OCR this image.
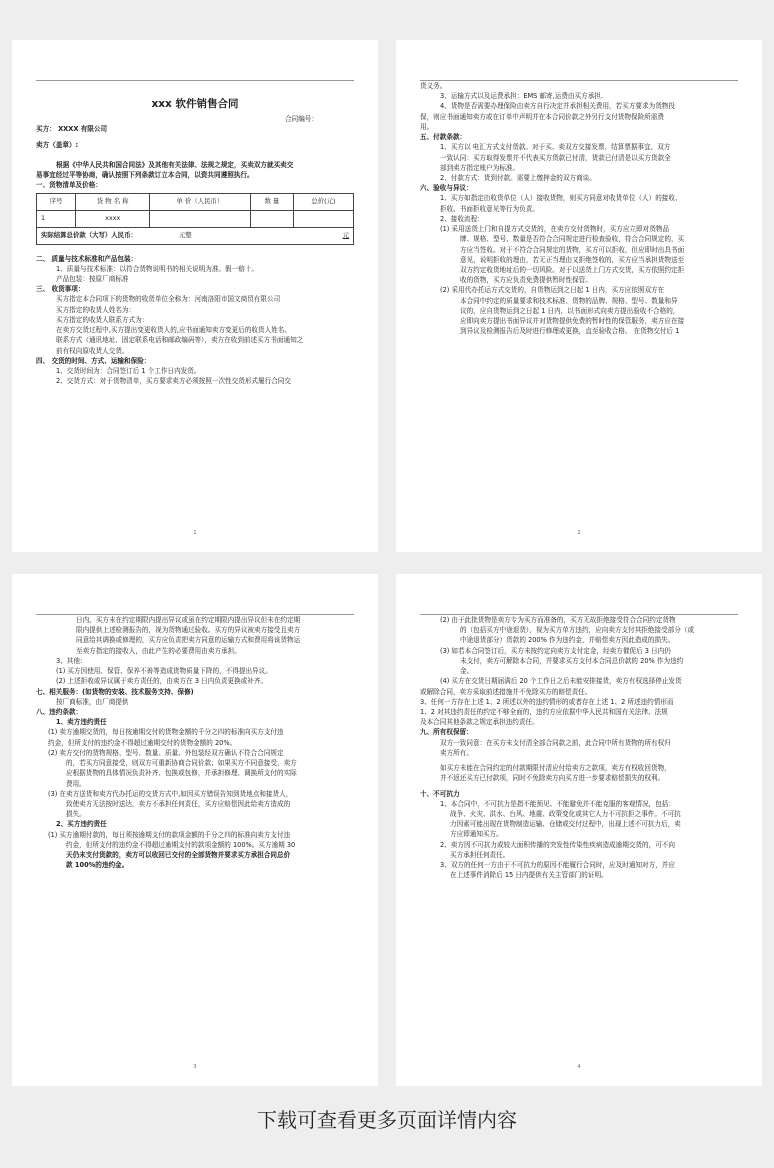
xxx 软件销售合同
合同编号：
买方： XXXX 有限公司
卖方（盖章）:
根据《中华人民共和国合同法》及其他有关法律、法规之规定，买卖双方就买卖交
易事宜经过平等协商，确认按照下列条款订立本合同，以资共同遵照执行。
一、货物清单及价格：
序号	货 物 名 称	单 价（人民币）	数 量	总价(元)
1	xxxx			
实际结算总价款（大写）人民币： 元整 元				
二、 质量与技术标准和产品包装：
1、质量与技术标准：以符合货物说明书的相关说明为准。假一赔十。
产品包装：按原厂商标准
三、 收货事项：
买方指定本合同项下的货物的收货单位全称为：河南洛阳市国文商贸有限公司
买方指定的收货人姓名为：
买方指定的收货人联系方式为：
在卖方交货过程中,买方提出变更收货人的,应书面通知卖方变更后的收货人姓名、
联系方式（通讯地址、固定联系电话和邮政编码等），卖方在收到前述买方书面通知之
前有权向原收货人交货。
四、 交货的时间、方式、运输和保险：
1、交货时间为：合同签订后 1 个工作日内发货。
2、交货方式：对于货物清单，买方要求卖方必须按照一次性交货形式履行合同交
1
货义务。
3、运输方式以及运费承担：EMS 邮寄,运费由买方承担.
4、货物是否需要办理保险由卖方自行决定并承担相关费用，若买方要求为货物投
保，则应书面通知卖方或在订单中声明并在本合同价款之外另行支付货物保险所需费
用。
五、付款条款：
1、买方以 电汇方式支付货款。对于买、卖双方交接发票、结算票据事宜，双方
一致认同：买方取得发票并不代表买方货款已付清，货款已付清是以买方货款全
部到卖方指定账户为标准。
2、付款方式：货到付款。需要上缴押金的双方商谈。
六、验收与异议：
1、买方如指定由收货单位（人）接收货物，则买方同意对收货单位（人）的接收、
拒收、书面拒收意见等行为负责。
2、接收流程：
(1) 采用送货上门和自提方式交货的，在卖方交付货物时，买方应立即对货物品
牌、规格、型号、数量是否符合合同规定进行检查验收，符合合同规定的，买
方应当签收。对于不符合合同规定的货物，买方可以拒收，但应即时出具书面
意见，说明拒收的理由，若无正当理由又拒绝签收的，买方应当承担货物送至
双方约定收货地址后的一切风险。对于以送货上门方式交货，买方依照约定拒
收的货物，买方应负责免费提供暂时性保管。
(2) 采用代办托运方式交货的，自货物运到之日起 1 日内，买方应依照双方在
本合同中约定的质量要求和技术标准、货物的品牌、规格、型号、数量和异
议的，应自货物运到之日起 1 日内，以书面形式向卖方提出验收不合格的，
应即向卖方提出书面异议并对货物提供免费的暂时性的保管服务，卖方应在接
到异议及检测报告后及时进行修理或更换，直至验收合格。 在货物交付后 1
2
日内，买方未在约定期限内提出异议或虽在约定期限内提出异议但未在约定期
限内提供上述检测报告的，视为货物通过验收。买方的异议被卖方接受且卖方
同意给其调换或修理的，买方应负责把卖方同意的运输方式和费用将该货物运
至卖方指定的接收人，由此产生的必要费用由卖方承担。
3、其他:
(1) 买方因使用、保管、保养不善等造成货物质量下降的，不得提出异议。
(2) 上述拒收或异议属于卖方责任的，由卖方在 3 日内负责更换或补齐。
七、相关服务：(如货物的安装、技术服务支持、保修)
按厂商标准，由厂商提供
八、违约条款：
1、卖方违约责任
(1) 卖方逾期交货的，每日按逾期交付的货物金额的千分之四的标准向买方支付违
约金，但所支付的违约金不得超过逾期交付的货物金额的 20%。
(2) 卖方交付的货物规格、型号、数量、质量、外包装经双方确认不符合合同规定
的，若买方同意接受，则双方可重新协商合同价款；如果买方不同意接受，卖方
应根据货物的具体情况负责补齐、包换或包修，并承担修理、调换所支付的实际
费用。
(3) 在卖方送货和卖方代办托运的交货方式中,如因买方错误告知到货地点和接货人，
致使卖方无法按时送达，卖方不承担任何责任，买方应赔偿因此给卖方造成的
损失。
2、买方违约责任
(1) 买方逾期付款的，每日须按逾期支付的款项金额的千分之四的标准向卖方支付违
约金，但所支付的违约金不得超过逾期支付的款项金额的 100%。买方逾期 30
天仍未支付货款的，卖方可以收回已交付的全部货物并要求买方承担合同总价
款 100%的违约金。
3
(2) 由于此批货物是卖方专为买方而准备的，买方无故拒绝接受符合合同约定货物
的（包括买方中途退货），视为买方单方违约，应向卖方支付其拒绝接受部分（或
中途退货部分）货款的 200% 作为违约金，并赔偿卖方因此造成的损失。
(3) 如若本合同签订后，买方未按约定向卖方支付定金，经卖方催促后 3 日内仍
未支付，卖方可解除本合同，并要求买方支付本合同总价款的 20% 作为违约
金。
(4) 买方在交货日期届满后 20 个工作日之后未能安排接货，卖方有权选择停止发货
或解除合同，卖方采取前述措施并不免除买方的赔偿责任。
3、任何一方存在上述 1、2 所述以外的违约情形的或者存在上述 1、2 所述违约情形而
1、2 对其违约责任的约定不够全面的，违约方应依据中华人民共和国有关法律、法规
及本合同其他条款之规定承担违约责任。
九、所有权保留：
双方一致同意：在买方未支付清全部合同款之前，此合同中所有货物的所有权归
卖方所有。
如买方未能在合同约定的付款期限付清应付给卖方之款项，卖方有权收回货物，
并不返还买方已付款项，同时不免除卖方向买方进一步要求赔偿损失的权利。
十、不可抗力
1、本合同中，不可抗力是指不能预见、不能避免并不能克服的客观情况，包括：
战争、火灾、洪水、台风、地震、政策变化或其它人力不可抗拒之事件。不可抗
力因素可能出现在货物制造运输、仓储或交付过程中，出现上述不可抗力后，卖
方应即通知买方。
2、卖方因不可抗力或较大面积传播的突发性传染性疾病造成逾期交货的，可不向
买方承担任何责任。
3、双方的任何一方由于不可抗力的原因不能履行合同时，应及时通知对方，并应
在上述事件消除后 15 日内提供有关主管部门的证明。
4
下载可查看更多页面详情内容
